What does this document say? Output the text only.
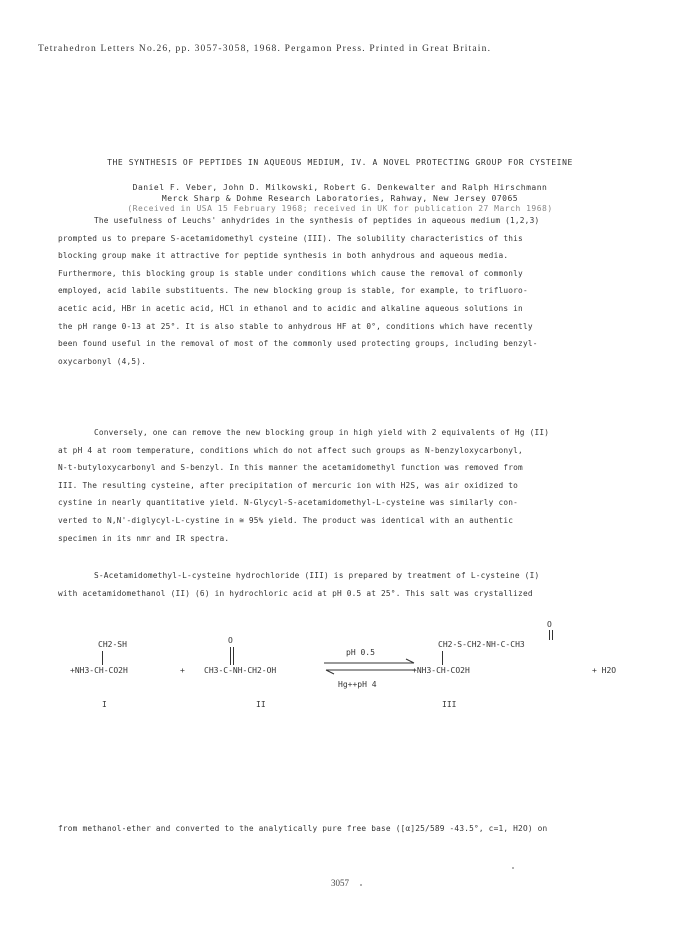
Tetrahedron Letters No.26, pp. 3057-3058, 1968. Pergamon Press. Printed in Great Britain.
THE SYNTHESIS OF PEPTIDES IN AQUEOUS MEDIUM, IV. A NOVEL PROTECTING GROUP FOR CYSTEINE
Daniel F. Veber, John D. Milkowski, Robert G. Denkewalter and Ralph Hirschmann
Merck Sharp & Dohme Research Laboratories, Rahway, New Jersey 07065
(Received in USA 15 February 1968; received in UK for publication 27 March 1968)
The usefulness of Leuchs' anhydrides in the synthesis of peptides in aqueous medium (1,2,3)
prompted us to prepare S-acetamidomethyl cysteine (III). The solubility characteristics of this
blocking group make it attractive for peptide synthesis in both anhydrous and aqueous media.
Furthermore, this blocking group is stable under conditions which cause the removal of commonly
employed, acid labile substituents. The new blocking group is stable, for example, to trifluoro-
acetic acid, HBr in acetic acid, HCl in ethanol and to acidic and alkaline aqueous solutions in
the pH range 0-13 at 25°. It is also stable to anhydrous HF at 0°, conditions which have recently
been found useful in the removal of most of the commonly used protecting groups, including benzyl-
oxycarbonyl (4,5).
Conversely, one can remove the new blocking group in high yield with 2 equivalents of Hg (II)
at pH 4 at room temperature, conditions which do not affect such groups as N-benzyloxycarbonyl,
N-t-butyloxycarbonyl and S-benzyl. In this manner the acetamidomethyl function was removed from
III. The resulting cysteine, after precipitation of mercuric ion with H2S, was air oxidized to
cystine in nearly quantitative yield. N-Glycyl-S-acetamidomethyl-L-cysteine was similarly con-
verted to N,N'-diglycyl-L-cystine in ≅ 95% yield. The product was identical with an authentic
specimen in its nmr and IR spectra.
S-Acetamidomethyl-L-cysteine hydrochloride (III) is prepared by treatment of L-cysteine (I)
with acetamidomethanol (II) (6) in hydrochloric acid at pH 0.5 at 25°. This salt was crystallized
CH2-SH
+NH3-CH-CO2H
I
+
O
CH3-C-NH-CH2-OH
II
pH 0.5
Hg++pH 4
O
CH2-S-CH2-NH-C-CH3
+NH3-CH-CO2H
III
+ H2O
from methanol-ether and converted to the analytically pure free base ([α]25/589 -43.5°, c=1, H2O) on
3057
